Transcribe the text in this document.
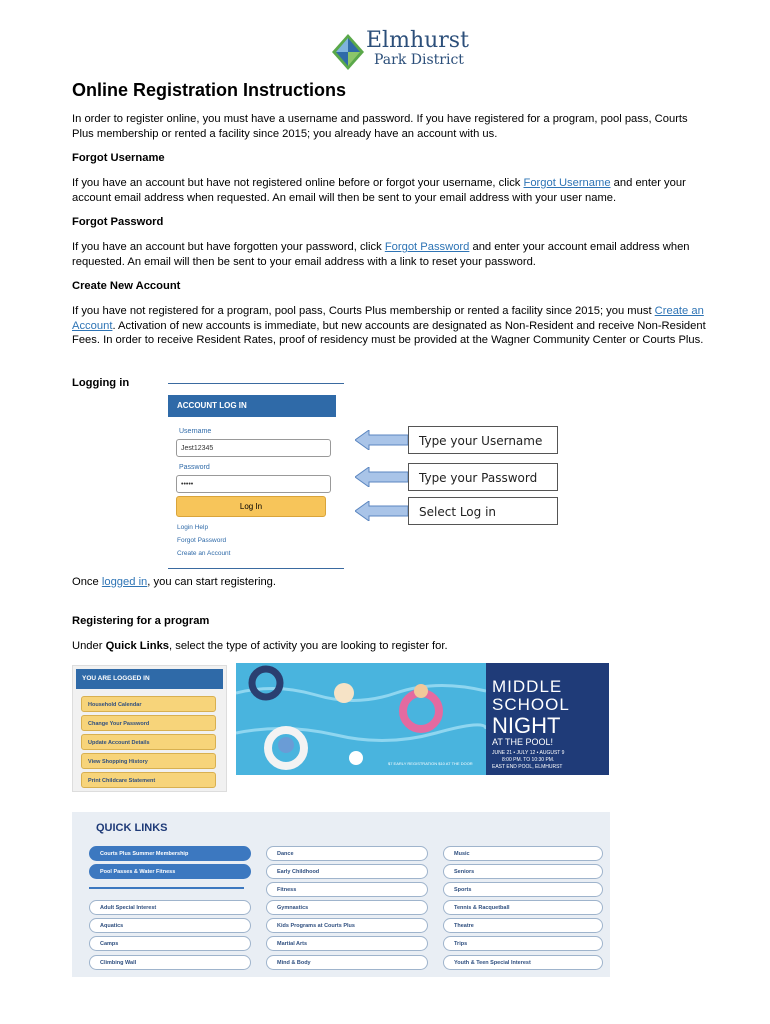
Elmhurst
Park District
Online Registration Instructions
In order to register online, you must have a username and password. If you have registered for a program, pool pass, Courts Plus membership or rented a facility since 2015; you already have an account with us.
Forgot Username
If you have an account but have not registered online before or forgot your username, click Forgot Username and enter your account email address when requested. An email will then be sent to your email address with your user name.
Forgot Password
If you have an account but have forgotten your password, click Forgot Password and enter your account email address when requested. An email will then be sent to your email address with a link to reset your password.
Create New Account
If you have not registered for a program, pool pass, Courts Plus membership or rented a facility since 2015; you must Create an Account. Activation of new accounts is immediate, but new accounts are designated as Non-Resident and receive Non-Resident Fees. In order to receive Resident Rates, proof of residency must be provided at the Wagner Community Center or Courts Plus.
Logging in
ACCOUNT LOG IN
Username
Jest12345
Password
•••••
Log In
Login Help
Forgot Password
Create an Account
Type your Username
Type your Password
Select Log in
Once logged in, you can start registering.
Registering for a program
Under Quick Links, select the type of activity you are looking to register for.
YOU ARE LOGGED IN
Household Calendar
Change Your Password
Update Account Details
View Shopping History
Print Childcare Statement
$7 EARLY REGISTRATION $10 AT THE DOOR
MIDDLE
SCHOOL
NIGHT
AT THE POOL!
JUNE 21 • JULY 12 • AUGUST 9
8:00 PM. TO 10:30 PM.
EAST END POOL, ELMHURST
QUICK LINKS
Courts Plus Summer Membership
Pool Passes & Water Fitness
Adult Special Interest
Aquatics
Camps
Climbing Wall
Dance
Early Childhood
Fitness
Gymnastics
Kids Programs at Courts Plus
Martial Arts
Mind & Body
Music
Seniors
Sports
Tennis & Racquetball
Theatre
Trips
Youth & Teen Special Interest
